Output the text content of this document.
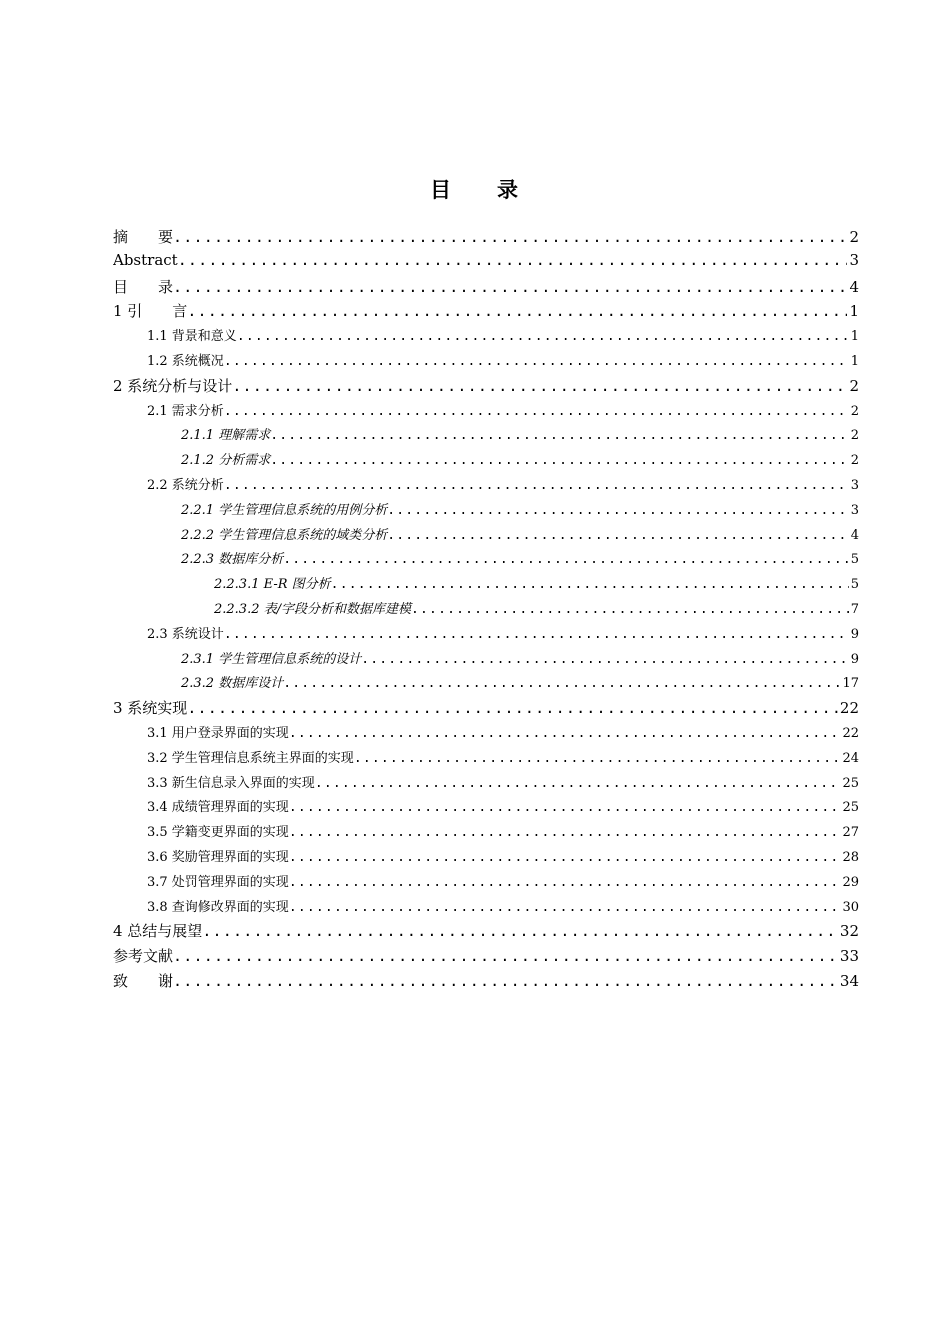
目 录
摘　　要 .....	2
Abstract .....	3
目　　录 .....	4
1 引　　言 .....	1
1.1 背景和意义 .....	1
1.2 系统概况 .....	1
2 系统分析与设计 .....	2
2.1 需求分析 .....	2
2.1.1 理解需求 .....	2
2.1.2 分析需求 .....	2
2.2 系统分析 .....	3
2.2.1 学生管理信息系统的用例分析 .....	3
2.2.2 学生管理信息系统的域类分析 .....	4
2.2.3 数据库分析 .....	5
2.2.3.1 E-R 图分析 .....	5
2.2.3.2 表/字段分析和数据库建模 .....	7
2.3 系统设计 .....	9
2.3.1 学生管理信息系统的设计 .....	9
2.3.2 数据库设计 .....	17
3 系统实现 .....	22
3.1 用户登录界面的实现 .....	22
3.2 学生管理信息系统主界面的实现 .....	24
3.3 新生信息录入界面的实现 .....	25
3.4 成绩管理界面的实现 .....	25
3.5 学籍变更界面的实现 .....	27
3.6 奖励管理界面的实现 .....	28
3.7 处罚管理界面的实现 .....	29
3.8 查询修改界面的实现 .....	30
4 总结与展望 .....	32
参考文献 .....	33
致　　谢 .....	34
